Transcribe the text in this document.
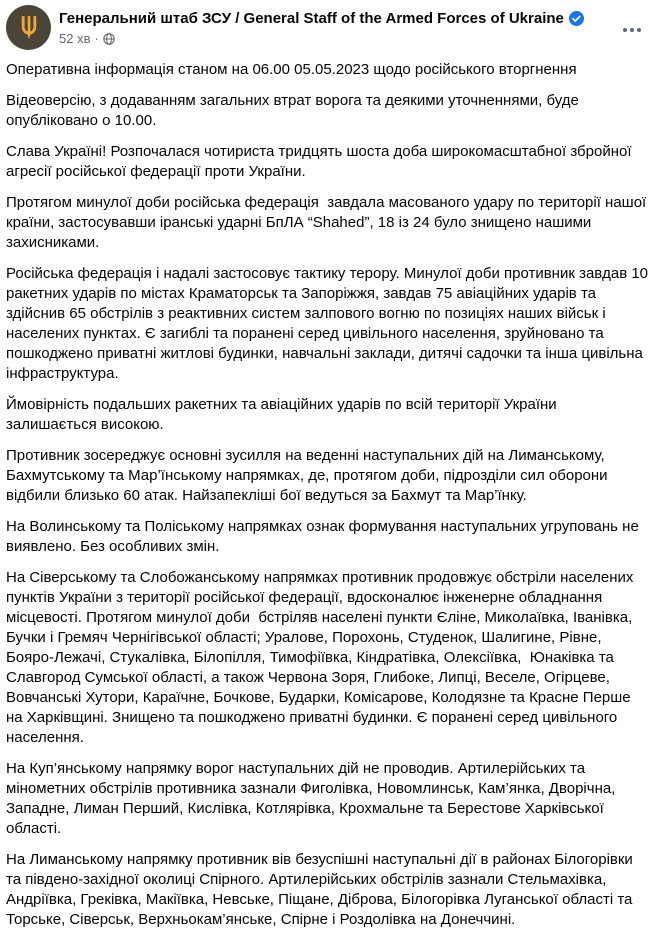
Генеральний штаб ЗСУ / General Staff of the Armed Forces of Ukraine
52 хв ·

Оперативна інформація станом на 06.00 05.05.2023 щодо російського вторгнення

Відеоверсію, з додаванням загальних втрат ворога та деякими уточненнями, буде опубліковано о 10.00.

Слава Україні! Розпочалася чотириста тридцять шоста доба широкомасштабної збройної агресії російської федерації проти України.

Протягом минулої доби російська федерація  завдала масованого удару по території нашої країни, застосувавши іранські ударні БпЛА “Shahed”, 18 із 24 було знищено нашими захисниками.

Російська федерація і надалі застосовує тактику терору. Минулої доби противник завдав 10 ракетних ударів по містах Краматорськ та Запоріжжя, завдав 75 авіаційних ударів та здійснив 65 обстрілів з реактивних систем залпового вогню по позиціях наших військ і населених пунктах. Є загиблі та поранені серед цивільного населення, зруйновано та пошкоджено приватні житлові будинки, навчальні заклади, дитячі садочки та інша цивільна інфраструктура.

Ймовірність подальших ракетних та авіаційних ударів по всій території України залишається високою.

Противник зосереджує основні зусилля на веденні наступальних дій на Лиманському, Бахмутському та Мар’їнському напрямках, де, протягом доби, підрозділи сил оборони відбили близько 60 атак. Найзапекліші бої ведуться за Бахмут та Мар’їнку.

На Волинському та Поліському напрямках ознак формування наступальних угруповань не виявлено. Без особливих змін.

На Сіверському та Слобожанському напрямках противник продовжує обстріли населених пунктів України з території російської федерації, вдосконалює інженерне обладнання місцевості. Протягом минулої доби  бстріляв населені пункти Єліне, Миколаївка, Іванівка, Бучки і Гремяч Чернігівської області; Уралове, Порохонь, Студенок, Шалигине, Рівне, Бояро-Лежачі, Стукалівка, Білопілля, Тимофіївка, Кіндратівка, Олексіївка,  Юнаківка та Славгород Сумської області, а також Червона Зоря, Глибоке, Липці, Веселе, Огірцеве, Вовчанські Хутори, Караїчне, Бочкове, Бударки, Комісарове, Колодязне та Красне Перше на Харківщині. Знищено та пошкоджено приватні будинки. Є поранені серед цивільного населення.

На Куп’янському напрямку ворог наступальних дій не проводив. Артилерійських та мінометних обстрілів противника зазнали Фиголівка, Новомлинськ, Кам’янка, Дворічна, Западне, Лиман Перший, Кислівка, Котлярівка, Крохмальне та Берестове Харківської області.

На Лиманському напрямку противник вів безуспішні наступальні дії в районах Білогорівки та південо-західної околиці Спірного. Артилерійських обстрілів зазнали Стельмахівка, Андріївка, Греківка, Макіївка, Невське, Піщане, Діброва, Білогорівка Луганської області та Торське, Сіверськ, Верхньокам’янське, Спірне і Роздолівка на Донеччині.
